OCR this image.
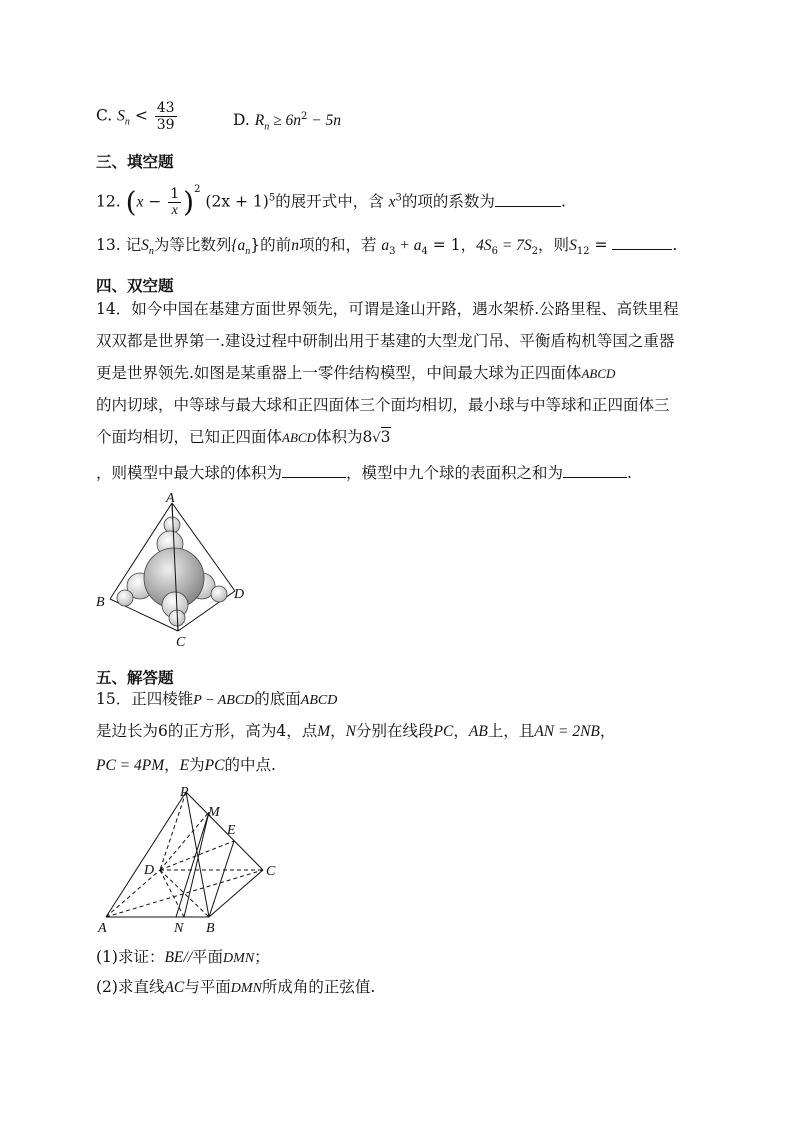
C. $S_n < \frac{43}{39}$	D. $R_n \ge 6n^2 - 5n$
三、填空题
12. $(x - \frac{1}{x} )^2$ $(2x + 1)^5$的展开式中，含 $x^3$的项的系数为	.
13. 记$S_n$为等比数列$\{a_n\}$的前n项的和，若 $a_3 + a_4 = 1$，$4S_6 = 7S_2$，则$S_{12}$ =	.
四、双空题
14．如今中国在基建方面世界领先，可谓是逢山开路，遇水架桥.公路里程、高铁里程
双双都是世界第一.建设过程中研制出用于基建的大型龙门吊、平衡盾构机等国之重器
更是世界领先.如图是某重器上一零件结构模型，中间最大球为正四面体ABCD
的内切球，中等球与最大球和正四面体三个面均相切，最小球与中等球和正四面体三
个面均相切，已知正四面体ABCD体积为8√3
，则模型中最大球的体积为	，模型中九个球的表面积之和为	.
A
B
D
C
五、解答题
15．正四棱锥P − ABCD的底面ABCD
是边长为6的正方形，高为4，点M，N分别在线段PC，AB上，且AN = 2NB，
PC = 4PM，E为PC的中点.
P
M
E
D	C
A	N B
(1)求证：BE//平面DMN；
(2)求直线AC与平面DMN所成角的正弦值.
